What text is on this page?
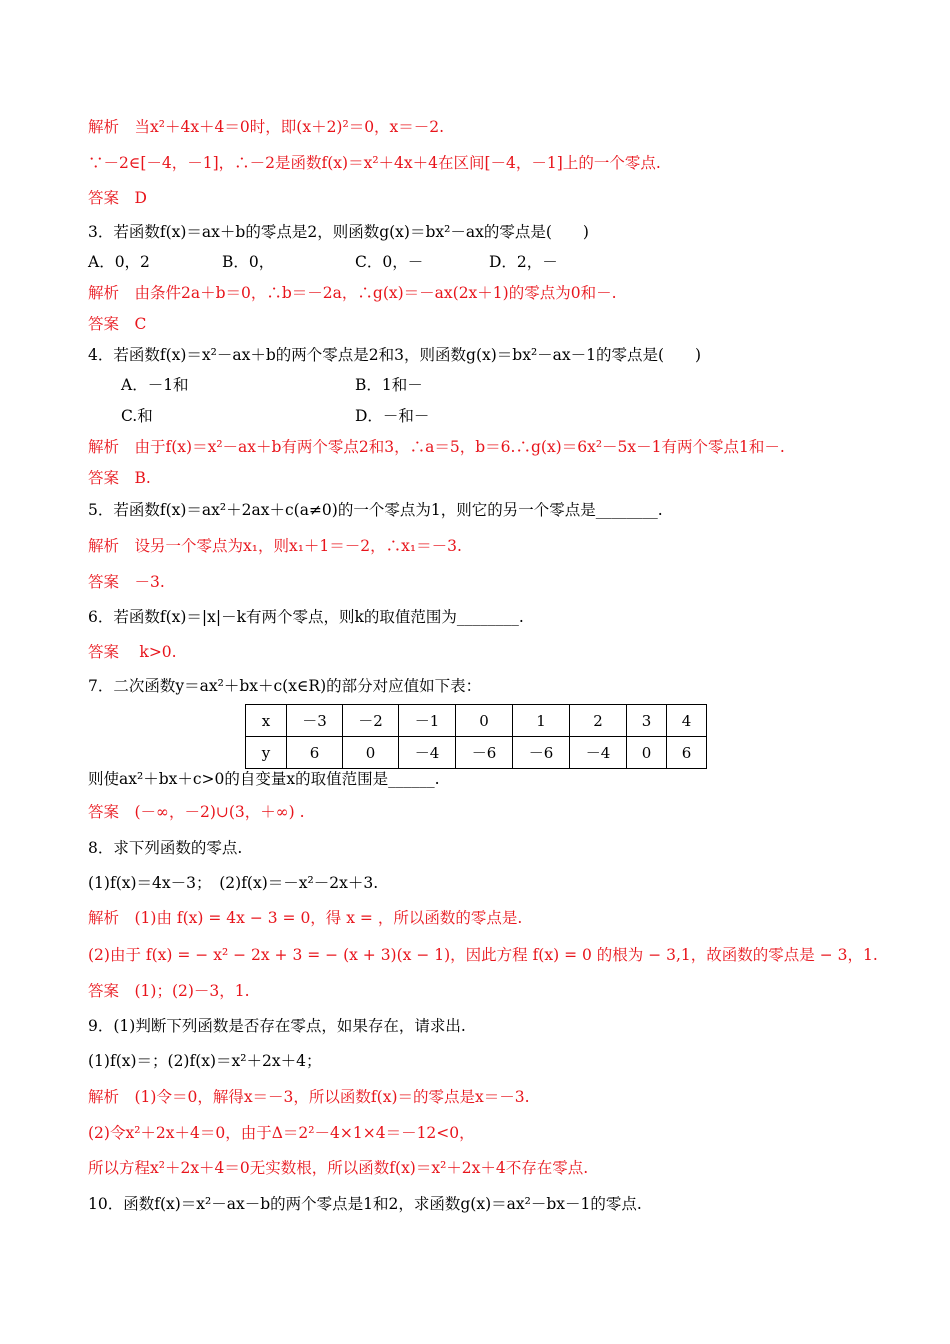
解析　当x²＋4x＋4＝0时，即(x＋2)²＝0，x＝－2.
∵－2∈[－4，－1]，∴－2是函数f(x)＝x²＋4x＋4在区间[－4，－1]上的一个零点.
答案　D
3．若函数f(x)＝ax＋b的零点是2，则函数g(x)＝bx²－ax的零点是(　　)
A．0，2	B．0，	C．0，－	D．2，－
解析　由条件2a＋b＝0，∴b＝－2a，∴g(x)＝－ax(2x＋1)的零点为0和－.
答案　C
4．若函数f(x)＝x²－ax＋b的两个零点是2和3，则函数g(x)＝bx²－ax－1的零点是(　　)
A．－1和	B．1和－
C.和	D．－和－
解析　由于f(x)＝x²－ax＋b有两个零点2和3，∴a＝5，b＝6.∴g(x)＝6x²－5x－1有两个零点1和－.
答案　B.
5．若函数f(x)＝ax²＋2ax＋c(a≠0)的一个零点为1，则它的另一个零点是________.
解析　设另一个零点为x₁，则x₁＋1＝－2，∴x₁＝－3.
答案　－3.
6．若函数f(x)＝|x|－k有两个零点，则k的取值范围为________.
答案　 k>0.
7．二次函数y＝ax²＋bx＋c(x∈R)的部分对应值如下表：
x	－3	－2	－1	0	1	2	3	4
y	6	0	－4	－6	－6	－4	0	6
则使ax²＋bx＋c>0的自变量x的取值范围是______.
答案　(－∞，－2)∪(3，＋∞) .
8．求下列函数的零点.
(1)f(x)＝4x－3；　(2)f(x)＝－x²－2x＋3.
解析　(1)由 f(x) = 4x − 3 = 0，得 x = ，所以函数的零点是.
(2)由于 f(x) = − x² − 2x + 3 = − (x + 3)(x − 1)，因此方程 f(x) = 0 的根为 − 3,1，故函数的零点是 − 3，1.
答案　(1)；(2)－3，1.
9．(1)判断下列函数是否存在零点，如果存在，请求出.
(1)f(x)＝；(2)f(x)＝x²＋2x＋4；
解析　(1)令＝0，解得x＝－3，所以函数f(x)＝的零点是x＝－3.
(2)令x²＋2x＋4＝0，由于Δ＝2²－4×1×4＝－12<0，
所以方程x²＋2x＋4＝0无实数根，所以函数f(x)＝x²＋2x＋4不存在零点.
10．函数f(x)＝x²－ax－b的两个零点是1和2，求函数g(x)＝ax²－bx－1的零点.
